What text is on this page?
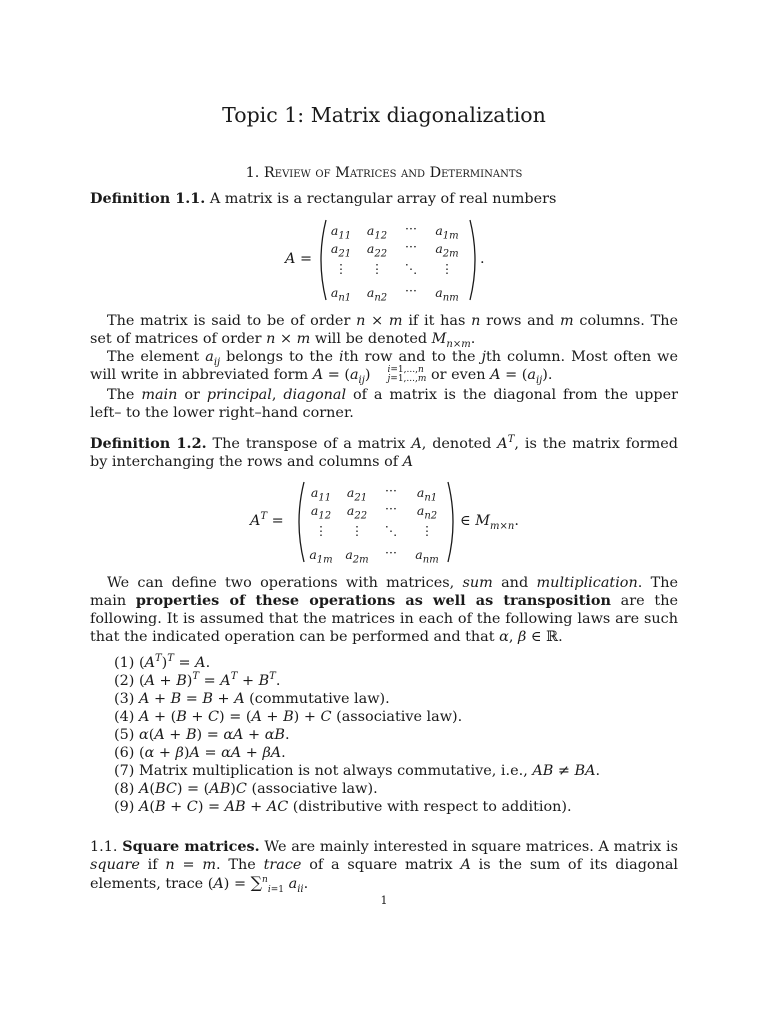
Topic 1: Matrix diagonalization
1. Review of Matrices and Determinants
Definition 1.1. A matrix is a rectangular array of real numbers
A =
$a_{11}$	$a_{12}$	···	$a_{1m}$
$a_{21}$	$a_{22}$	···	$a_{2m}$
⋮	⋮	⋱	⋮
$a_{n1}$	$a_{n2}$	···	$a_{nm}$
.
The matrix is said to be of order n × m if it has n rows and m columns. The set of matrices of order n × m will be denoted $M_{n\times m}$.
The element $a_{ij}$ belongs to the ith row and to the jth column. Most often we will write in abbreviated form $A = (a_{ij})$	i=1,...,n
j=1,...,m or even $A = (a_{ij})$.
The main or principal, diagonal of a matrix is the diagonal from the upper left– to the lower right–hand corner.
Definition 1.2. The transpose of a matrix A, denoted $A^T$, is the matrix formed by interchanging the rows and columns of A
$A^T$ =
$a_{11}$	$a_{21}$	···	$a_{n1}$
$a_{12}$	$a_{22}$	···	$a_{n2}$
⋮	⋮	⋱	⋮
$a_{1m}$	$a_{2m}$	···	$a_{nm}$
∈ $M_{m\times n}$.
We can define two operations with matrices, sum and multiplication. The main properties of these operations as well as transposition are the following. It is assumed that the matrices in each of the following laws are such that the indicated operation can be performed and that α, β ∈ ℝ.
(1) $(A^T)^T = A$.
(2) $(A + B)^T = A^T + B^T$.
(3) A + B = B + A (commutative law).
(4) A + (B + C) = (A + B) + C (associative law).
(5) α(A + B) = αA + αB.
(6) (α + β)A = αA + βA.
(7) Matrix multiplication is not always commutative, i.e., AB ≠ BA.
(8) A(BC) = (AB)C (associative law).
(9) A(B + C) = AB + AC (distributive with respect to addition).
1.1. Square matrices. We are mainly interested in square matrices. A matrix is square if n = m. The trace of a square matrix A is the sum of its diagonal elements, trace (A) = ∑$^n_{i=1}$ $a_{ii}$.
1
